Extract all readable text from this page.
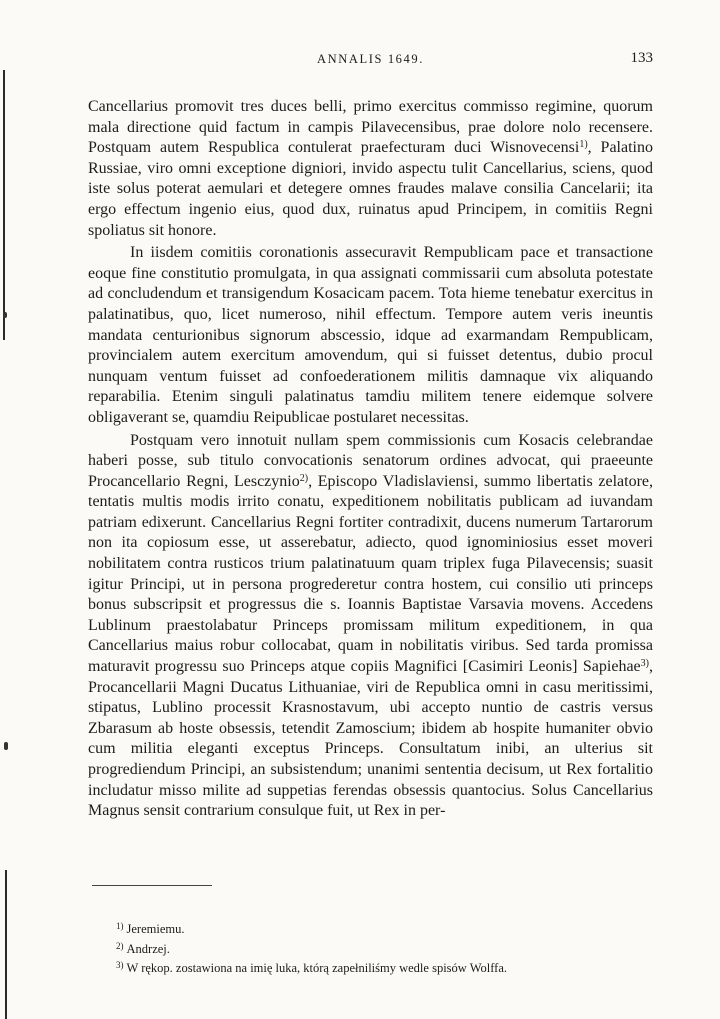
ANNALIS 1649.	133

Cancellarius promovit tres duces belli, primo exercitus commisso regimine, quorum mala directione quid factum in campis Pilavecensibus, prae dolore nolo recensere. Postquam autem Respublica contulerat praefecturam duci Wisnovecensi$^{1)}$, Palatino Russiae, viro omni exceptione digniori, invido aspectu tulit Cancellarius, sciens, quod iste solus poterat aemulari et detegere omnes fraudes malave consilia Cancelarii; ita ergo effectum ingenio eius, quod dux, ruinatus apud Principem, in comitiis Regni spoliatus sit honore.

In iisdem comitiis coronationis assecuravit Rempublicam pace et transactione eoque fine constitutio promulgata, in qua assignati commissarii cum absoluta potestate ad concludendum et transigendum Kosacicam pacem. Tota hieme tenebatur exercitus in palatinatibus, quo, licet numeroso, nihil effectum. Tempore autem veris ineuntis mandata centurionibus signorum abscessio, idque ad exarmandam Rempublicam, provincialem autem exercitum amovendum, qui si fuisset detentus, dubio procul nunquam ventum fuisset ad confoederationem militis damnaque vix aliquando reparabilia. Etenim singuli palatinatus tamdiu militem tenere eidemque solvere obligaverant se, quamdiu Reipublicae postularet necessitas.

Postquam vero innotuit nullam spem commissionis cum Kosacis celebrandae haberi posse, sub titulo convocationis senatorum ordines advocat, qui praeeunte Procancellario Regni, Lesczynio$^{2)}$, Episcopo Vladislaviensi, summo libertatis zelatore, tentatis multis modis irrito conatu, expeditionem nobilitatis publicam ad iuvandam patriam edixerunt. Cancellarius Regni fortiter contradixit, ducens numerum Tartarorum non ita copiosum esse, ut asserebatur, adiecto, quod ignominiosius esset moveri nobilitatem contra rusticos trium palatinatuum quam triplex fuga Pilavecensis; suasit igitur Principi, ut in persona progrederetur contra hostem, cui consilio uti princeps bonus subscripsit et progressus die s. Ioannis Baptistae Varsavia movens. Accedens Lublinum praestolabatur Princeps promissam militum expeditionem, in qua Cancellarius maius robur collocabat, quam in nobilitatis viribus. Sed tarda promissa maturavit progressu suo Princeps atque copiis Magnifici [Casimiri Leonis] Sapiehae$^{3)}$, Procancellarii Magni Ducatus Lithuaniae, viri de Republica omni in casu meritissimi, stipatus, Lublino processit Krasnostavum, ubi accepto nuntio de castris versus Zbarasum ab hoste obsessis, tetendit Zamoscium; ibidem ab hospite humaniter obvio cum militia eleganti exceptus Princeps. Consultatum inibi, an ulterius sit progrediendum Principi, an subsistendum; unanimi sententia decisum, ut Rex fortalitio includatur misso milite ad suppetias ferendas obsessis quantocius. Solus Cancellarius Magnus sensit contrarium consulque fuit, ut Rex in per-

$^{1)}$ Jeremiemu.
$^{2)}$ Andrzej.
$^{3)}$ W rękop. zostawiona na imię luka, którą zapełniliśmy wedle spisów Wolffa.
